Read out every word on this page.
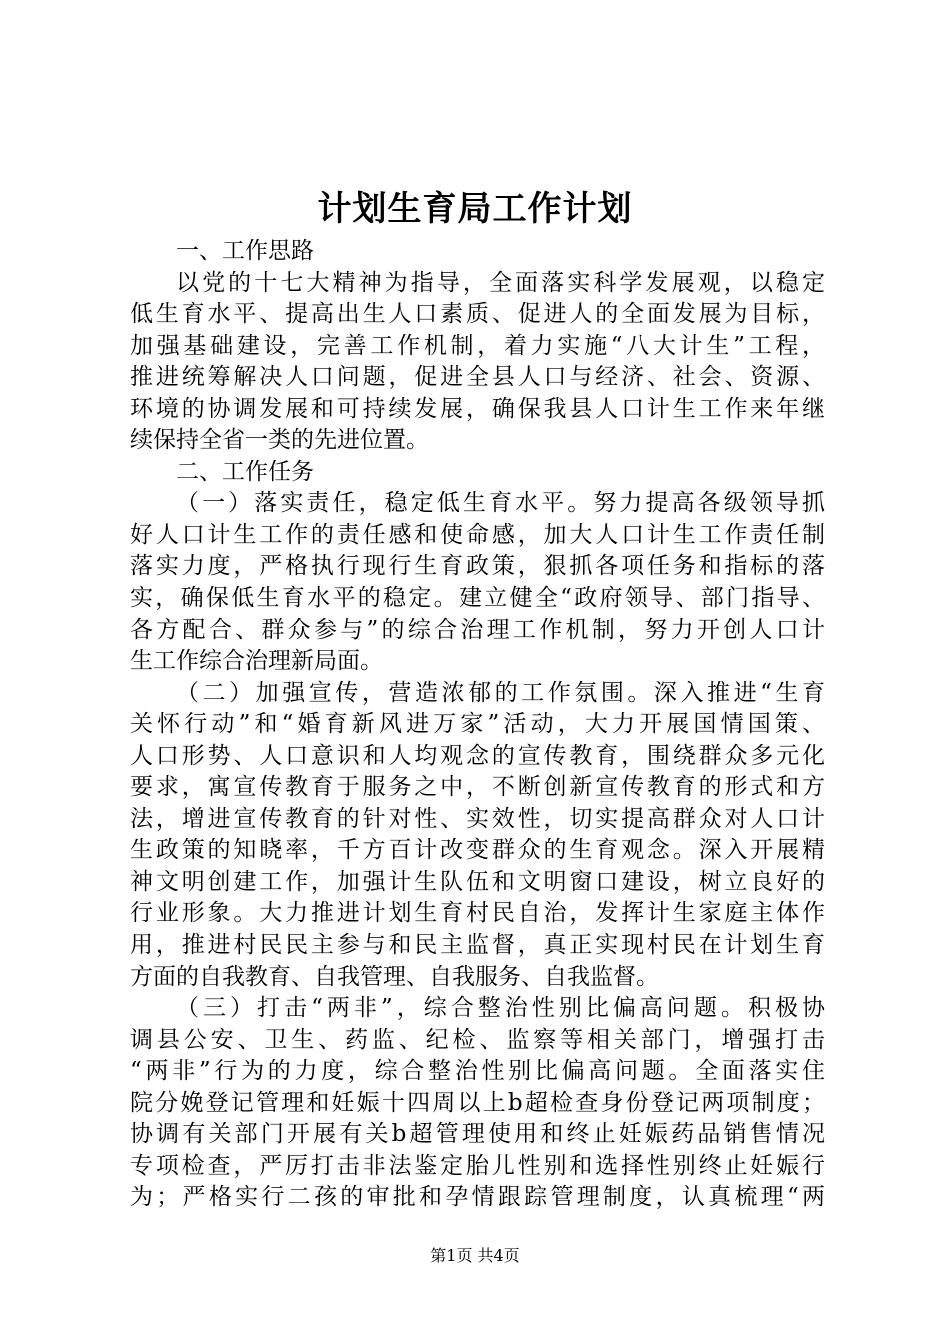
计划生育局工作计划
一、工作思路
以党的十七大精神为指导，全面落实科学发展观，以稳定
低生育水平、提高出生人口素质、促进人的全面发展为目标，
加强基础建设，完善工作机制，着力实施“八大计生”工程，
推进统筹解决人口问题，促进全县人口与经济、社会、资源、
环境的协调发展和可持续发展，确保我县人口计生工作来年继
续保持全省一类的先进位置。
二、工作任务
（一）落实责任，稳定低生育水平。努力提高各级领导抓
好人口计生工作的责任感和使命感，加大人口计生工作责任制
落实力度，严格执行现行生育政策，狠抓各项任务和指标的落
实，确保低生育水平的稳定。建立健全“政府领导、部门指导、
各方配合、群众参与”的综合治理工作机制，努力开创人口计
生工作综合治理新局面。
（二）加强宣传，营造浓郁的工作氛围。深入推进“生育
关怀行动”和“婚育新风进万家”活动，大力开展国情国策、
人口形势、人口意识和人均观念的宣传教育，围绕群众多元化
要求，寓宣传教育于服务之中，不断创新宣传教育的形式和方
法，增进宣传教育的针对性、实效性，切实提高群众对人口计
生政策的知晓率，千方百计改变群众的生育观念。深入开展精
神文明创建工作，加强计生队伍和文明窗口建设，树立良好的
行业形象。大力推进计划生育村民自治，发挥计生家庭主体作
用，推进村民民主参与和民主监督，真正实现村民在计划生育
方面的自我教育、自我管理、自我服务、自我监督。
（三）打击“两非”，综合整治性别比偏高问题。积极协
调县公安、卫生、药监、纪检、监察等相关部门，增强打击
“两非”行为的力度，综合整治性别比偏高问题。全面落实住
院分娩登记管理和妊娠十四周以上b超检查身份登记两项制度；
协调有关部门开展有关b超管理使用和终止妊娠药品销售情况
专项检查，严厉打击非法鉴定胎儿性别和选择性别终止妊娠行
为；严格实行二孩的审批和孕情跟踪管理制度，认真梳理“两
第1页 共4页
